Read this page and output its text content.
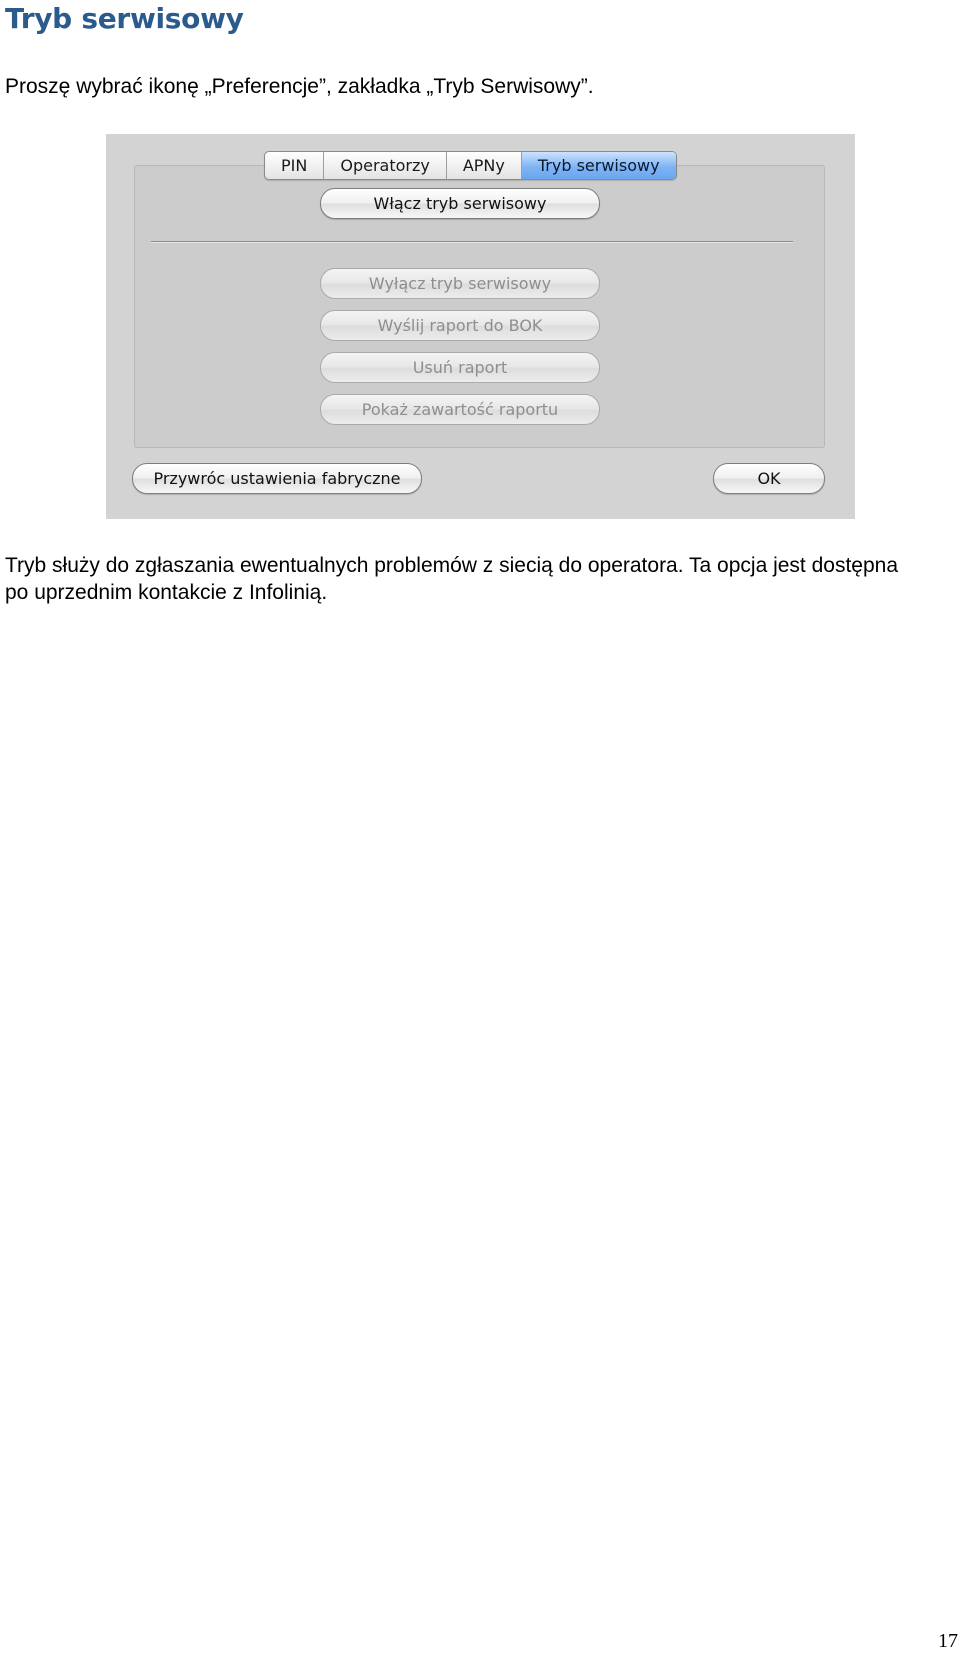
Tryb serwisowy

Proszę wybrać ikonę „Preferencje”, zakładka „Tryb Serwisowy”.

Włącz tryb serwisowy
Wyłącz tryb serwisowy
Wyślij raport do BOK
Usuń raport
Pokaż zawartość raportu
PIN	Operatorzy	APNy	Tryb serwisowy
Przywróc ustawienia fabryczne	OK

Tryb służy do zgłaszania ewentualnych problemów z siecią do operatora. Ta opcja jest dostępna po uprzednim kontakcie z Infolinią.

17
